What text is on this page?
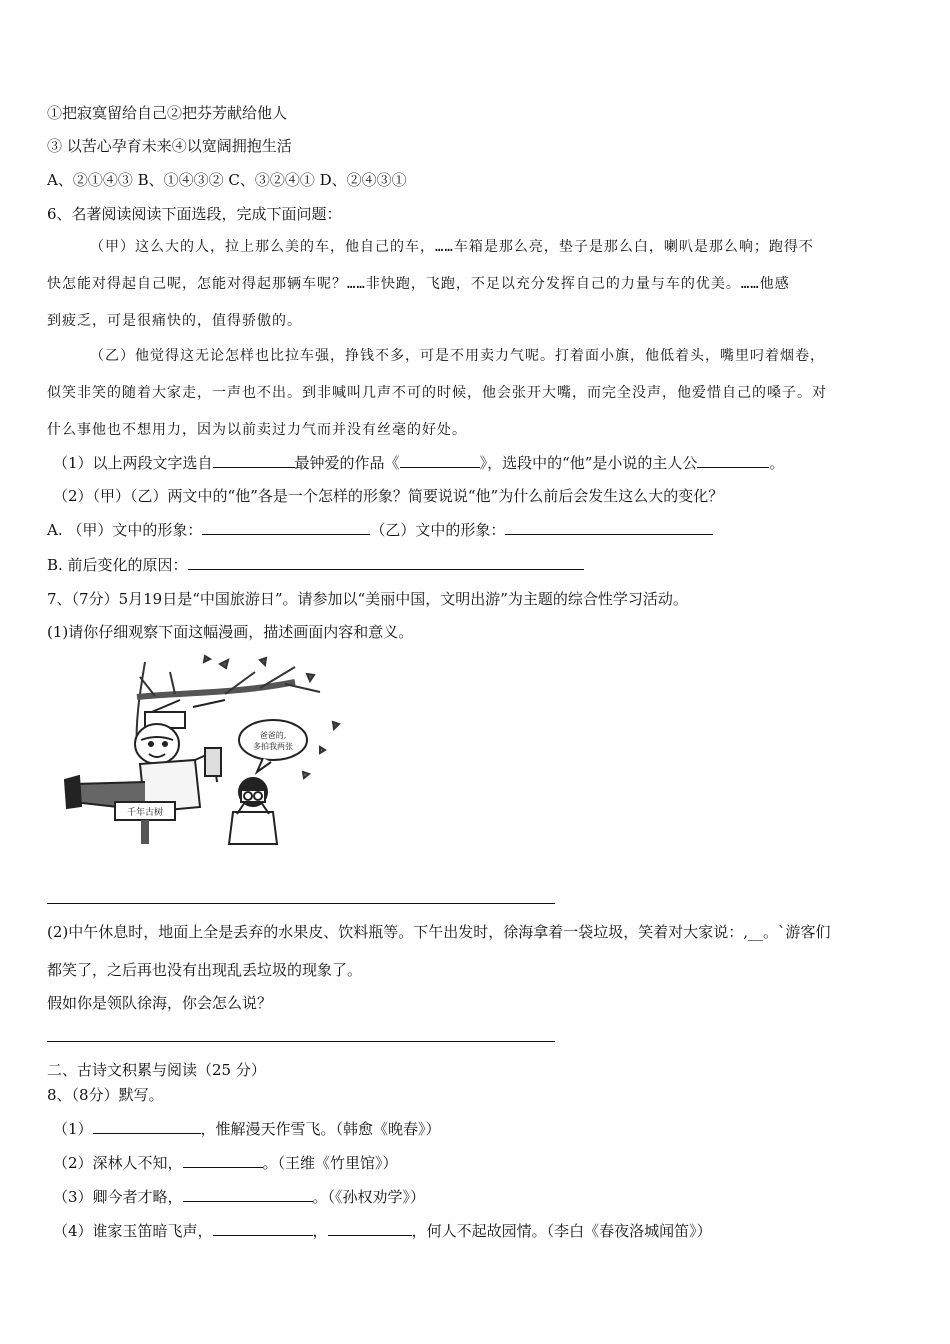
①把寂寞留给自己②把芬芳献给他人
③ 以苦心孕育未来④以宽阔拥抱生活
A、②①④③ B、①④③② C、③②④① D、②④③①
6、名著阅读阅读下面选段，完成下面问题：
（甲）这么大的人，拉上那么美的车，他自己的车，……车箱是那么亮，垫子是那么白，喇叭是那么响；跑得不
快怎能对得起自己呢，怎能对得起那辆车呢？……非快跑，飞跑，不足以充分发挥自己的力量与车的优美。……他感
到疲乏，可是很痛快的，值得骄傲的。
（乙）他觉得这无论怎样也比拉车强，挣钱不多，可是不用卖力气呢。打着面小旗，他低着头，嘴里叼着烟卷，
似笑非笑的随着大家走，一声也不出。到非喊叫几声不可的时候，他会张开大嘴，而完全没声，他爱惜自己的嗓子。对
什么事他也不想用力，因为以前卖过力气而并没有丝毫的好处。
（1）以上两段文字选自	最钟爱的作品《	》，选段中的“他”是小说的主人公	。
（2）（甲）（乙）两文中的“他”各是一个怎样的形象？简要说说“他”为什么前后会发生这么大的变化？
A. （甲）文中的形象：	（乙）文中的形象：
B. 前后变化的原因：
7、（7分）5月19日是“中国旅游日”。请参加以“美丽中国，文明出游”为主题的综合性学习活动。
(1)请你仔细观察下面这幅漫画，描述画面内容和意义。
千年古树
爸爸的,
多拍我两张
(2)中午休息时，地面上全是丢弃的水果皮、饮料瓶等。下午出发时，徐海拿着一袋垃圾，笑着对大家说：,__。`游客们
都笑了，之后再也没有出现乱丢垃圾的现象了。
假如你是领队徐海，你会怎么说？
二、古诗文积累与阅读（25 分）
8、（8分）默写。
（1）	，惟解漫天作雪飞。（韩愈《晚春》）
（2）深林人不知，	。（王维《竹里馆》）
（3）卿今者才略，	。（《孙权劝学》）
（4）谁家玉笛暗飞声，	，	，何人不起故园情。（李白《春夜洛城闻笛》）
